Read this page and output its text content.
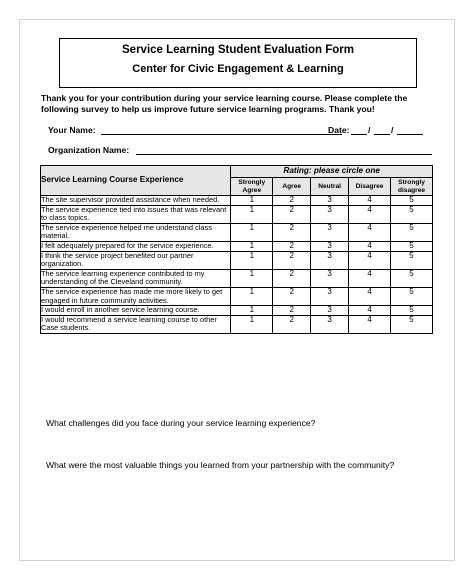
Service Learning Student Evaluation Form
Center for Civic Engagement & Learning
Thank you for your contribution during your service learning course. Please complete the following survey to help us improve future service learning programs. Thank you!
Your Name:	Date: / /
Organization Name:
Service Learning Course Experience	Rating: please circle one				
	Strongly Agree	Agree	Neutral	Disagree	Strongly disagree
The site supervisor provided assistance when needed.	1	2	3	4	5
The service experience tied into issues that was relevant to class topics.	1	2	3	4	5
The service experience helped me understand class material.	1	2	3	4	5
I felt adequately prepared for the service experience.	1	2	3	4	5
I think the service project benefited our partner organization.	1	2	3	4	5
The service learning experience contributed to my understanding of the Cleveland community.	1	2	3	4	5
The service experience has made me more likely to get engaged in future community activities.	1	2	3	4	5
I would enroll in another service learning course.	1	2	3	4	5
I would recommend a service learning course to other Case students.	1	2	3	4	5
What challenges did you face during your service learning experience?
What were the most valuable things you learned from your partnership with the community?
